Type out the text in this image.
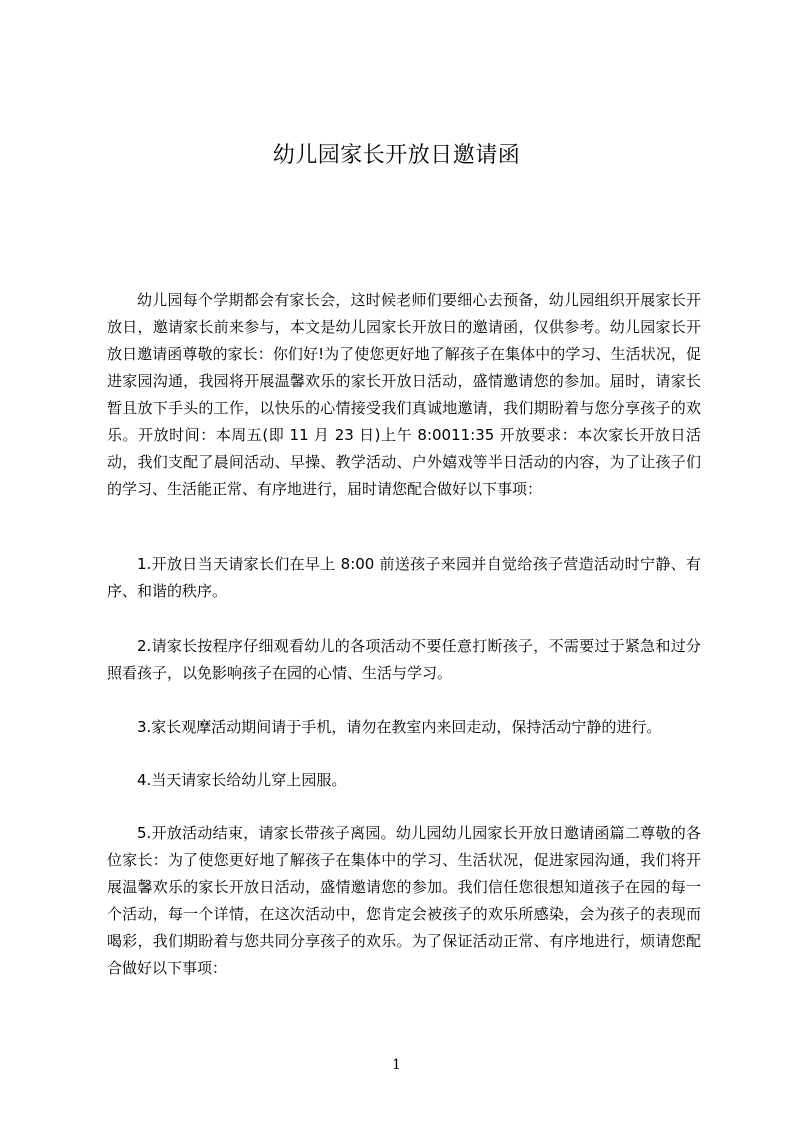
幼儿园家长开放日邀请函

幼儿园每个学期都会有家长会，这时候老师们要细心去预备，幼儿园组织开展家长开放日，邀请家长前来参与，本文是幼儿园家长开放日的邀请函，仅供参考。幼儿园家长开放日邀请函尊敬的家长：你们好!为了使您更好地了解孩子在集体中的学习、生活状况，促进家园沟通，我园将开展温馨欢乐的家长开放日活动，盛情邀请您的参加。届时，请家长暂且放下手头的工作，以快乐的心情接受我们真诚地邀请，我们期盼着与您分享孩子的欢乐。开放时间：本周五(即 11 月 23 日)上午 8:0011:35 开放要求：本次家长开放日活动，我们支配了晨间活动、早操、教学活动、户外嬉戏等半日活动的内容，为了让孩子们的学习、生活能正常、有序地进行，届时请您配合做好以下事项：

1.开放日当天请家长们在早上 8:00 前送孩子来园并自觉给孩子营造活动时宁静、有序、和谐的秩序。

2.请家长按程序仔细观看幼儿的各项活动不要任意打断孩子，不需要过于紧急和过分照看孩子，以免影响孩子在园的心情、生活与学习。

3.家长观摩活动期间请于手机，请勿在教室内来回走动，保持活动宁静的进行。

4.当天请家长给幼儿穿上园服。

5.开放活动结束，请家长带孩子离园。幼儿园幼儿园家长开放日邀请函篇二尊敬的各位家长：为了使您更好地了解孩子在集体中的学习、生活状况，促进家园沟通，我们将开展温馨欢乐的家长开放日活动，盛情邀请您的参加。我们信任您很想知道孩子在园的每一个活动，每一个详情，在这次活动中，您肯定会被孩子的欢乐所感染，会为孩子的表现而喝彩，我们期盼着与您共同分享孩子的欢乐。为了保证活动正常、有序地进行，烦请您配合做好以下事项：

1
